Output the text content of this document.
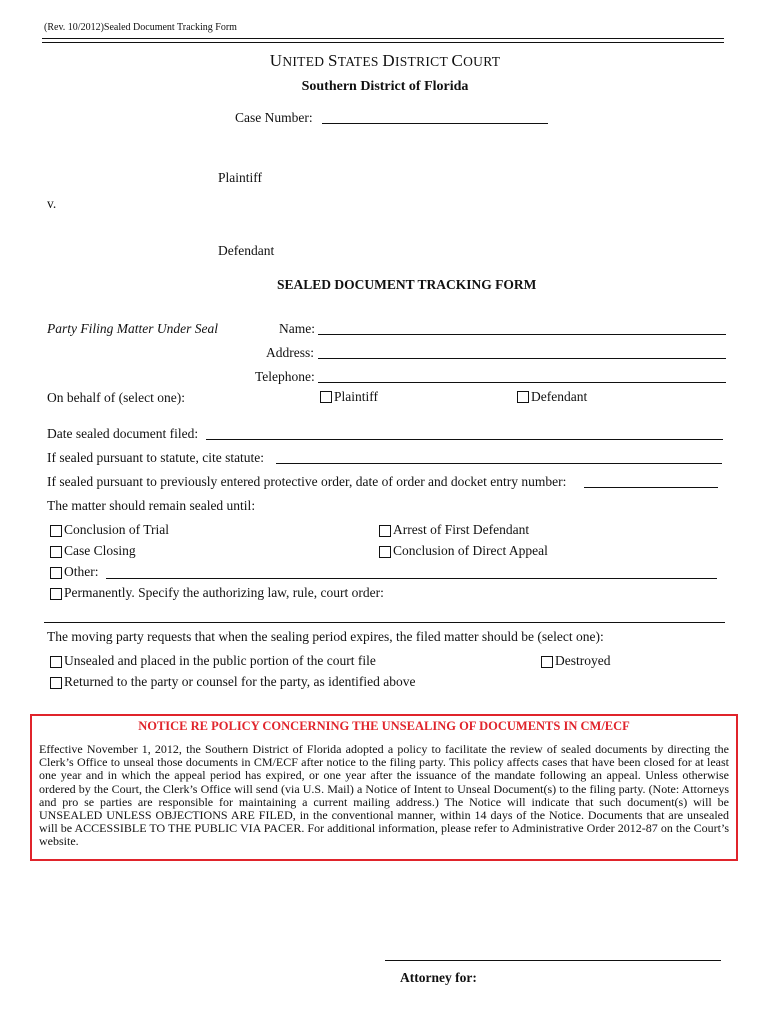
(Rev. 10/2012)Sealed Document Tracking Form
UNITED STATES DISTRICT COURT
Southern District of Florida
Case Number:
Plaintiff
v.
Defendant
SEALED DOCUMENT TRACKING FORM
Party Filing Matter Under Seal	Name:
Address:
Telephone:
On behalf of (select one):	Plaintiff	Defendant
Date sealed document filed:
If sealed pursuant to statute, cite statute:
If sealed pursuant to previously entered protective order, date of order and docket entry number:
The matter should remain sealed until:
Conclusion of Trial	Arrest of First Defendant
Case Closing	Conclusion of Direct Appeal
Other:
Permanently. Specify the authorizing law, rule, court order:
The moving party requests that when the sealing period expires, the filed matter should be (select one):
Unsealed and placed in the public portion of the court file	Destroyed
Returned to the party or counsel for the party, as identified above
NOTICE RE POLICY CONCERNING THE UNSEALING OF DOCUMENTS IN CM/ECF
Effective November 1, 2012, the Southern District of Florida adopted a policy to facilitate the review of sealed documents by directing the Clerk’s Office to unseal those documents in CM/ECF after notice to the filing party. This policy affects cases that have been closed for at least one year and in which the appeal period has expired, or one year after the issuance of the mandate following an appeal. Unless otherwise ordered by the Court, the Clerk’s Office will send (via U.S. Mail) a Notice of Intent to Unseal Document(s) to the filing party. (Note: Attorneys and pro se parties are responsible for maintaining a current mailing address.) The Notice will indicate that such document(s) will be UNSEALED UNLESS OBJECTIONS ARE FILED, in the conventional manner, within 14 days of the Notice. Documents that are unsealed will be ACCESSIBLE TO THE PUBLIC VIA PACER. For additional information, please refer to Administrative Order 2012-87 on the Court’s website.
Attorney for:
